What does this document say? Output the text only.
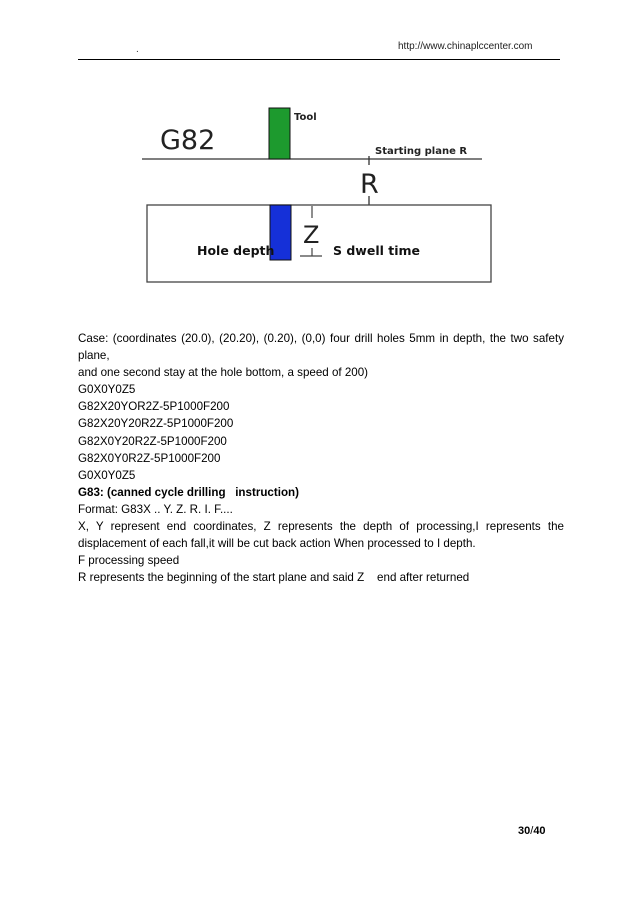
.	http://www.chinaplccenter.com
G82
Tool
Starting plane R
R
Z
Hole depth	S dwell time

Case: (coordinates (20.0), (20.20), (0.20), (0,0) four drill holes 5mm in depth, the two safety plane,

and one second stay at the hole bottom, a speed of 200)

G0X0Y0Z5

G82X20YOR2Z-5P1000F200

G82X20Y20R2Z-5P1000F200

G82X0Y20R2Z-5P1000F200

G82X0Y0R2Z-5P1000F200

G0X0Y0Z5

G83: (canned cycle drilling   instruction)

Format: G83X .. Y. Z. R. I. F....

X, Y represent end coordinates, Z represents the depth of processing,I represents the

displacement of each fall,it will be cut back action When processed to I depth.

F processing speed

R represents the beginning of the start plane and said Z    end after returned

30/40
